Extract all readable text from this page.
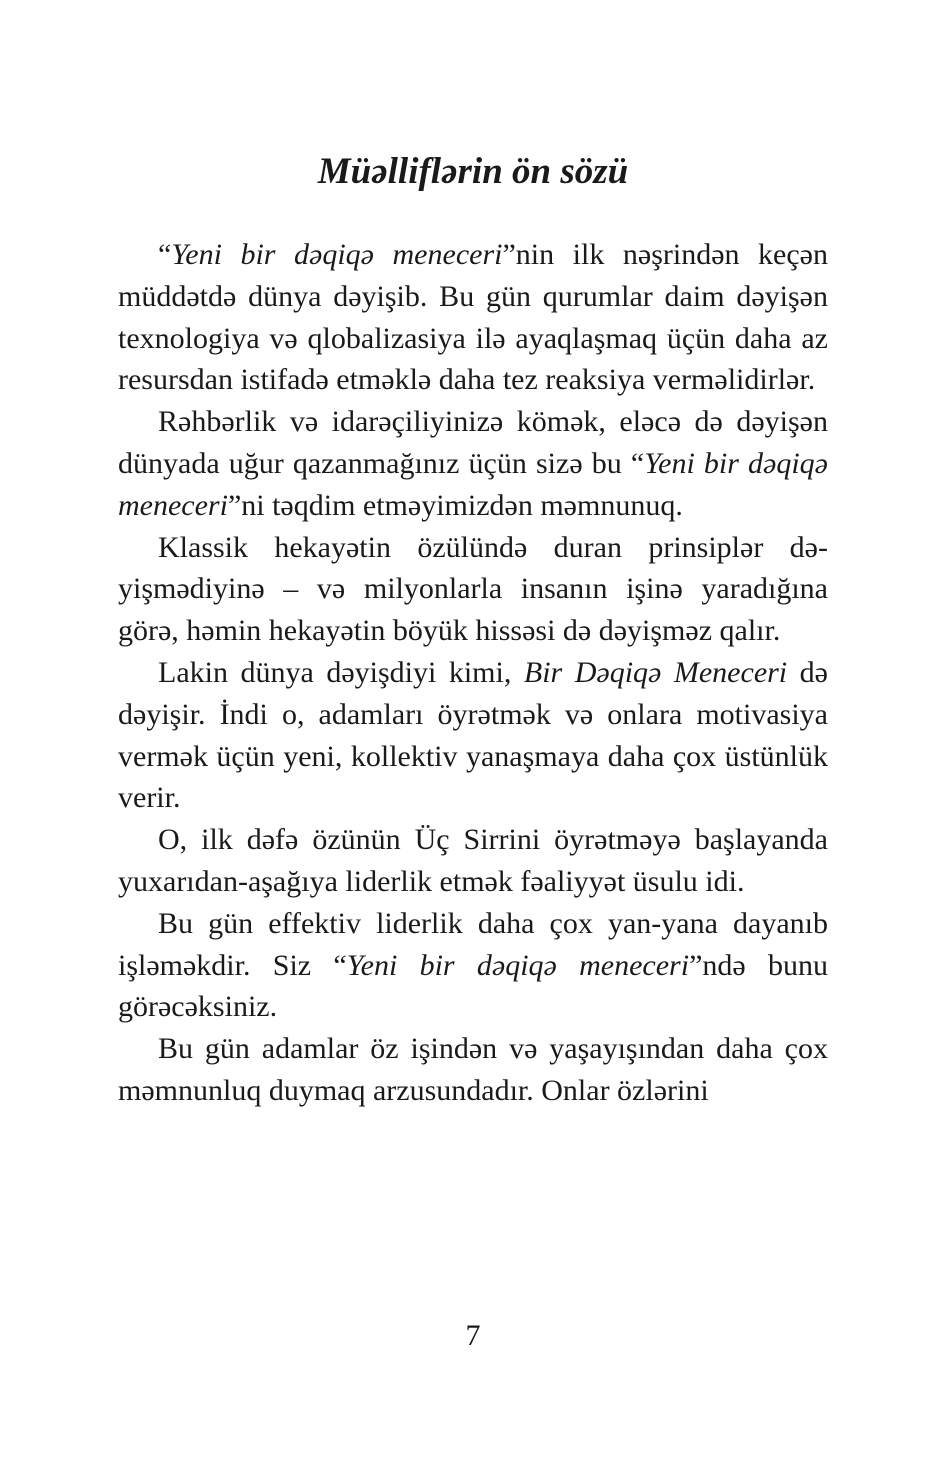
Müəlliflərin ön sözü

“Yeni bir dəqiqə meneceri”nin ilk nəşrindən keçən müddətdə dünya dəyişib. Bu gün qurumlar daim dəyişən texnologiya və qlobalizasiya ilə ayaqlaşmaq üçün daha az resursdan istifadə etməklə daha tez reaksiya verməlidirlər.

Rəhbərlik və idarəçiliyinizə kömək, eləcə də dəyişən dünyada uğur qazanmağınız üçün sizə bu “Yeni bir dəqiqə meneceri”ni təqdim etməyimizdən məmnunuq.

Klassik hekayətin özülündə duran prinsiplər dəyişmədiyinə – və milyonlarla insanın işinə yaradığına görə, həmin hekayətin böyük hissəsi də dəyişməz qalır.

Lakin dünya dəyişdiyi kimi, Bir Dəqiqə Meneceri də dəyişir. İndi o, adamları öyrətmək və onlara motivasiya vermək üçün yeni, kollektiv yanaşmaya daha çox üstünlük verir.

O, ilk dəfə özünün Üç Sirrini öyrətməyə başlayanda yuxarıdan-aşağıya liderlik etmək fəaliyyət üsulu idi.

Bu gün effektiv liderlik daha çox yan-yana dayanıb işləməkdir. Siz “Yeni bir dəqiqə meneceri”ndə bunu görəcəksiniz.

Bu gün adamlar öz işindən və yaşayışından daha çox məmnunluq duymaq arzusundadır. Onlar özlərini

7
